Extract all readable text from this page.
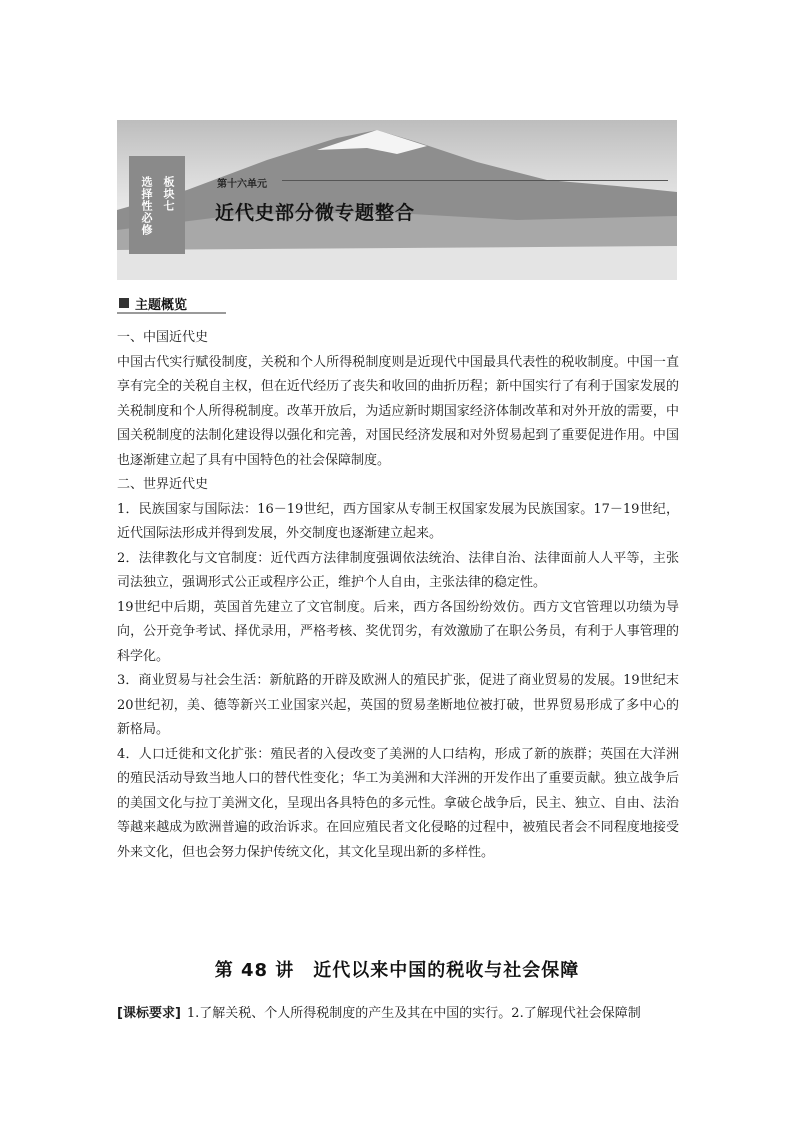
板块七
选择性必修	第十六单元
近代史部分微专题整合
主题概览

一、中国近代史

中国古代实行赋役制度，关税和个人所得税制度则是近现代中国最具代表性的税收制度。中国一直享有完全的关税自主权，但在近代经历了丧失和收回的曲折历程；新中国实行了有利于国家发展的关税制度和个人所得税制度。改革开放后，为适应新时期国家经济体制改革和对外开放的需要，中国关税制度的法制化建设得以强化和完善，对国民经济发展和对外贸易起到了重要促进作用。中国也逐渐建立起了具有中国特色的社会保障制度。

二、世界近代史

1．民族国家与国际法：16－19世纪，西方国家从专制王权国家发展为民族国家。17－19世纪，近代国际法形成并得到发展，外交制度也逐渐建立起来。

2．法律教化与文官制度：近代西方法律制度强调依法统治、法律自治、法律面前人人平等，主张司法独立，强调形式公正或程序公正，维护个人自由，主张法律的稳定性。

19世纪中后期，英国首先建立了文官制度。后来，西方各国纷纷效仿。西方文官管理以功绩为导向，公开竞争考试、择优录用，严格考核、奖优罚劣，有效激励了在职公务员，有利于人事管理的科学化。

3．商业贸易与社会生活：新航路的开辟及欧洲人的殖民扩张，促进了商业贸易的发展。19世纪末20世纪初，美、德等新兴工业国家兴起，英国的贸易垄断地位被打破，世界贸易形成了多中心的新格局。

4．人口迁徙和文化扩张：殖民者的入侵改变了美洲的人口结构，形成了新的族群；英国在大洋洲的殖民活动导致当地人口的替代性变化；华工为美洲和大洋洲的开发作出了重要贡献。独立战争后的美国文化与拉丁美洲文化，呈现出各具特色的多元性。拿破仑战争后，民主、独立、自由、法治等越来越成为欧洲普遍的政治诉求。在回应殖民者文化侵略的过程中，被殖民者会不同程度地接受外来文化，但也会努力保护传统文化，其文化呈现出新的多样性。

第 48 讲　近代以来中国的税收与社会保障
[课标要求] 1.了解关税、个人所得税制度的产生及其在中国的实行。2.了解现代社会保障制
